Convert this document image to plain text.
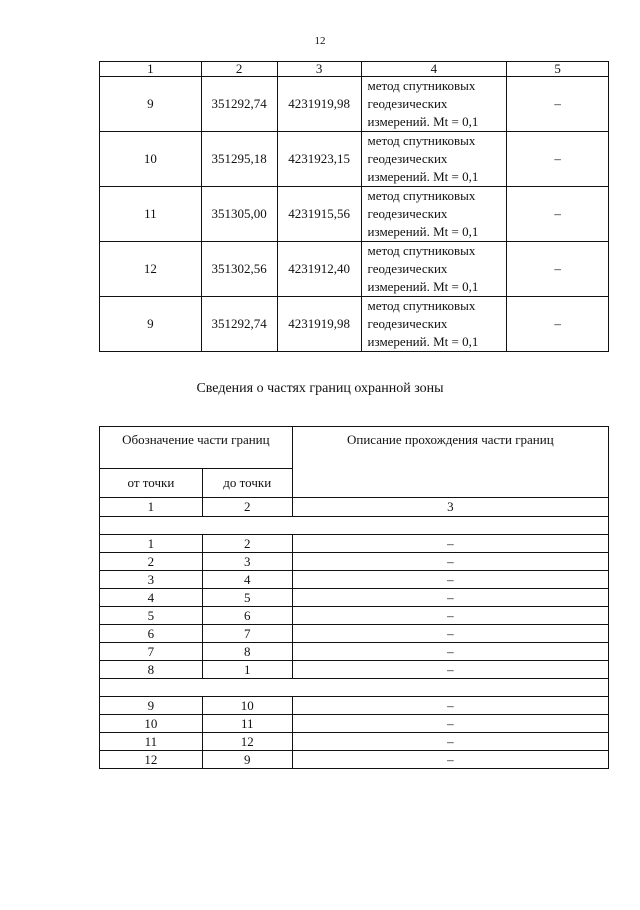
12
1	2	3	4	5
9	351292,74	4231919,98	метод спутниковых
геодезических
измерений. Mt = 0,1	–
10	351295,18	4231923,15	метод спутниковых
геодезических
измерений. Mt = 0,1	–
11	351305,00	4231915,56	метод спутниковых
геодезических
измерений. Mt = 0,1	–
12	351302,56	4231912,40	метод спутниковых
геодезических
измерений. Mt = 0,1	–
9	351292,74	4231919,98	метод спутниковых
геодезических
измерений. Mt = 0,1	–
Сведения о частях границ охранной зоны
Обозначение части границ		Описание прохождения части границ
от точки	до точки	
1	2	3

1	2	–
2	3	–
3	4	–
4	5	–
5	6	–
6	7	–
7	8	–
8	1	–

9	10	–
10	11	–
11	12	–
12	9	–
